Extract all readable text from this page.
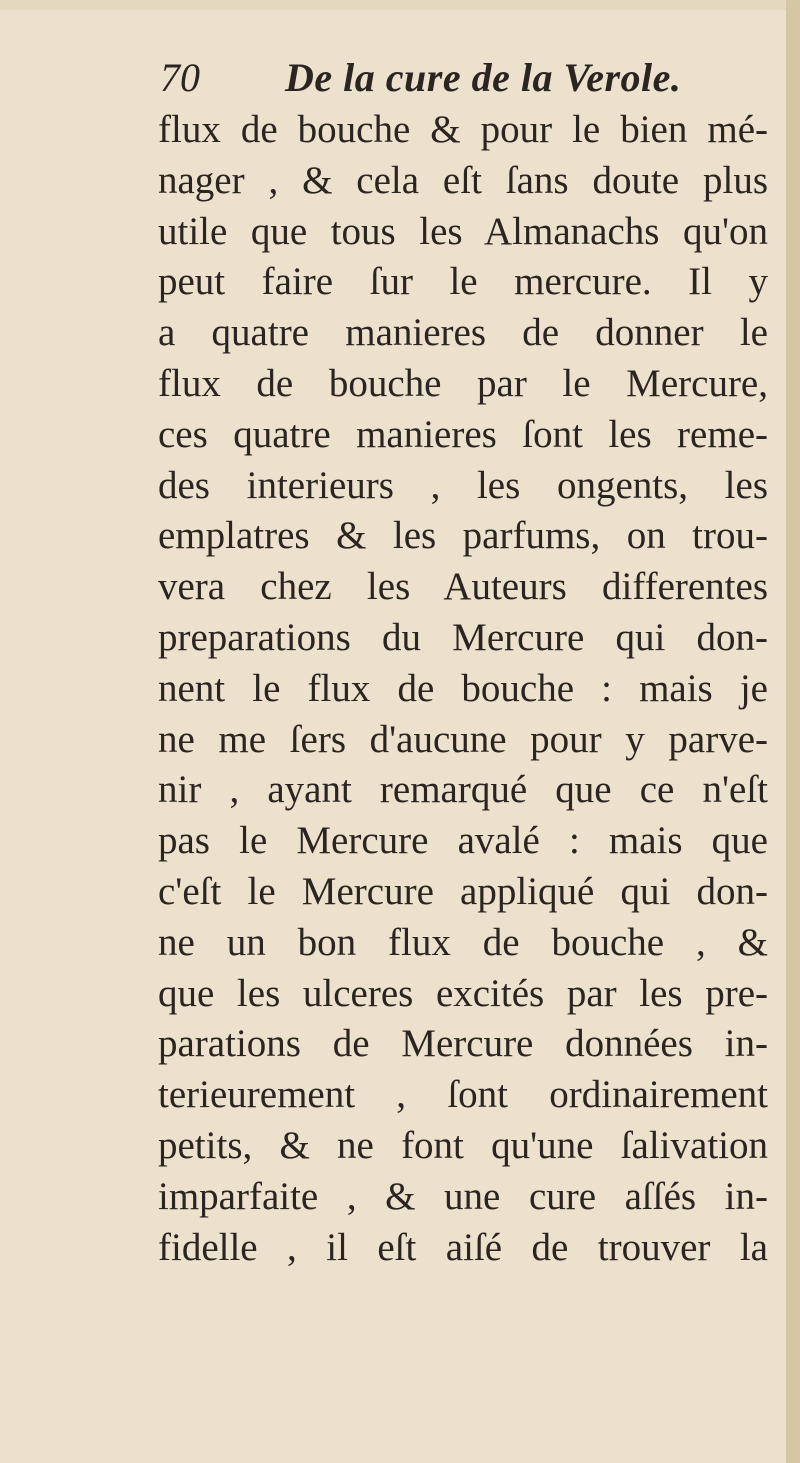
70 De la cure de la Verole.
flux de bouche & pour le bien mé-
nager , & cela eſt ſans doute plus
utile que tous les Almanachs qu'on
peut faire ſur le mercure. Il y
a quatre manieres de donner le
flux de bouche par le Mercure,
ces quatre manieres ſont les reme-
des interieurs , les ongents, les
emplatres & les parfums, on trou-
vera chez les Auteurs differentes
preparations du Mercure qui don-
nent le flux de bouche : mais je
ne me ſers d'aucune pour y parve-
nir , ayant remarqué que ce n'eſt
pas le Mercure avalé : mais que
c'eſt le Mercure appliqué qui don-
ne un bon flux de bouche , &
que les ulceres excités par les pre-
parations de Mercure données in-
terieurement , ſont ordinairement
petits, & ne font qu'une ſalivation
imparfaite , & une cure aſſés in-
fidelle , il eſt aiſé de trouver la
